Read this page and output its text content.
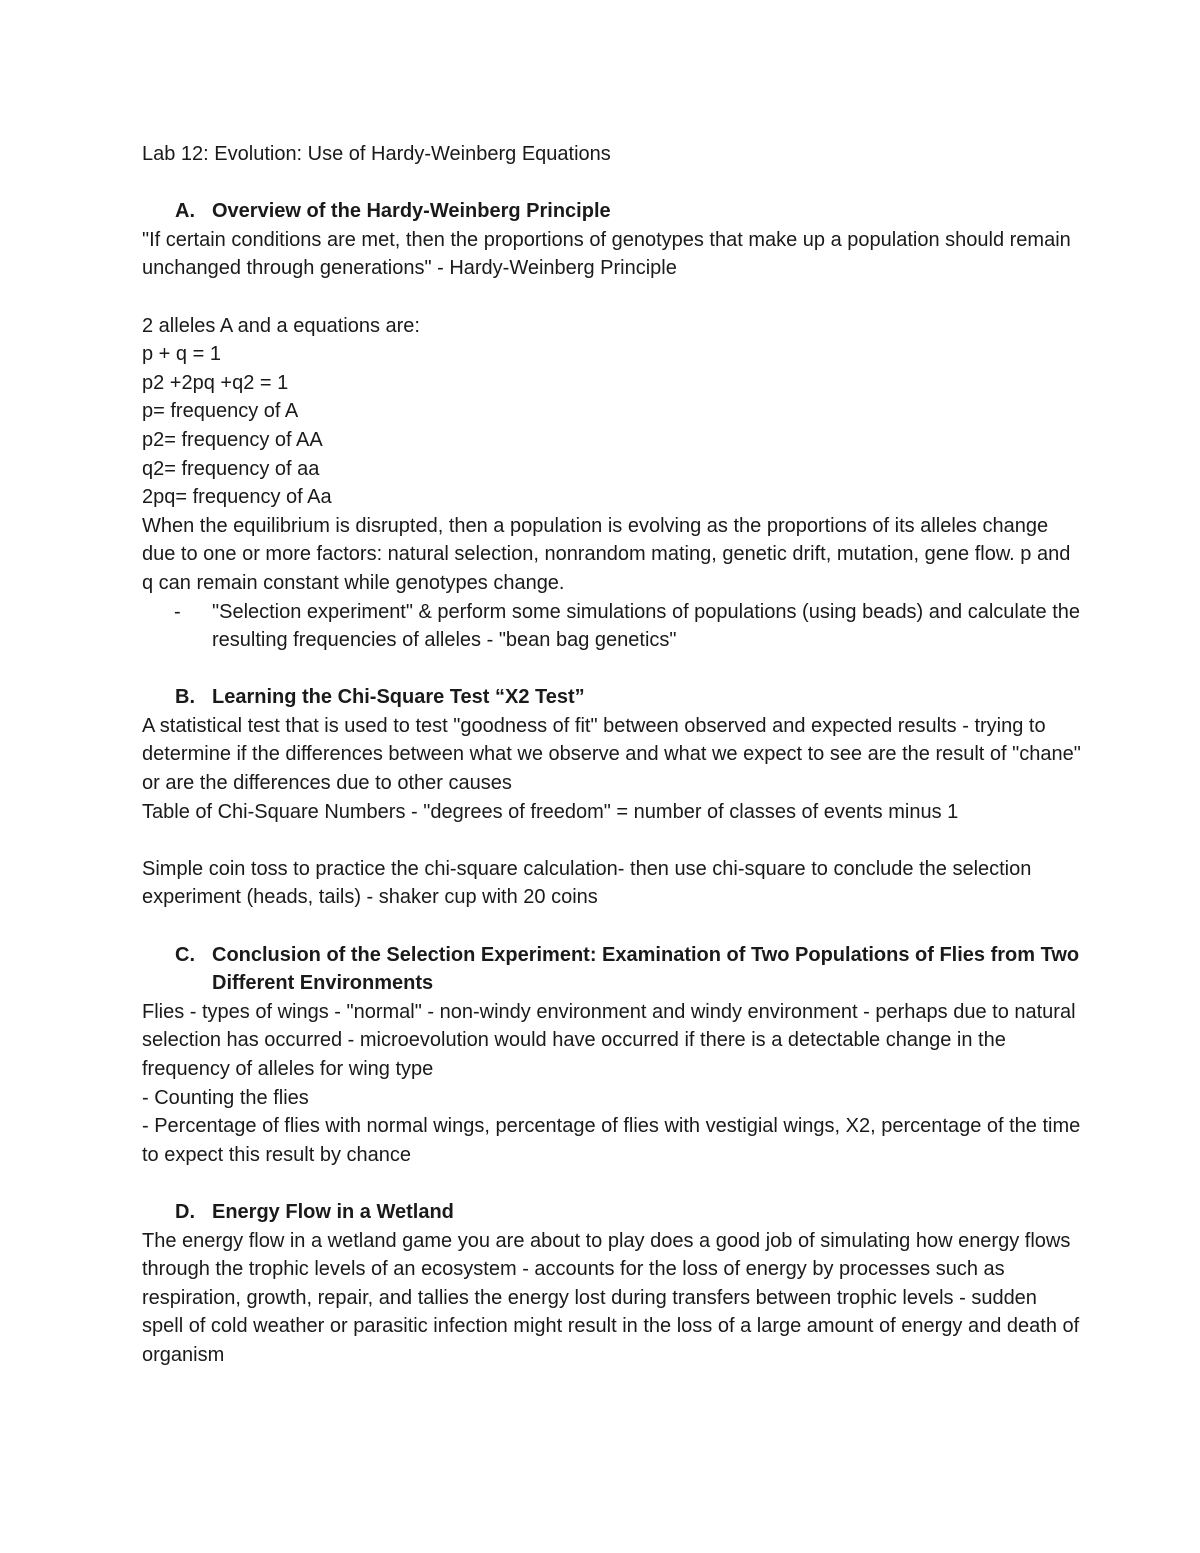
Lab 12: Evolution: Use of Hardy-Weinberg Equations

A. Overview of the Hardy-Weinberg Principle

"If certain conditions are met, then the proportions of genotypes that make up a population should remain unchanged through generations" - Hardy-Weinberg Principle

2 alleles A and a equations are:

p + q = 1

p2 +2pq +q2 = 1

p= frequency of A

p2= frequency of AA

q2= frequency of aa

2pq= frequency of Aa

When the equilibrium is disrupted, then a population is evolving as the proportions of its alleles change due to one or more factors: natural selection, nonrandom mating, genetic drift, mutation, gene flow. p and q can remain constant while genotypes change.

- "Selection experiment" & perform some simulations of populations (using beads) and calculate the resulting frequencies of alleles - "bean bag genetics"

B. Learning the Chi-Square Test “X2 Test”

A statistical test that is used to test "goodness of fit" between observed and expected results - trying to determine if the differences between what we observe and what we expect to see are the result of "chane" or are the differences due to other causes

Table of Chi-Square Numbers - "degrees of freedom" = number of classes of events minus 1

Simple coin toss to practice the chi-square calculation- then use chi-square to conclude the selection experiment (heads, tails) - shaker cup with 20 coins

C. Conclusion of the Selection Experiment: Examination of Two Populations of Flies from Two Different Environments

Flies - types of wings - "normal" - non-windy environment and windy environment - perhaps due to natural selection has occurred - microevolution would have occurred if there is a detectable change in the frequency of alleles for wing type

- Counting the flies

- Percentage of flies with normal wings, percentage of flies with vestigial wings, X2, percentage of the time to expect this result by chance

D. Energy Flow in a Wetland

The energy flow in a wetland game you are about to play does a good job of simulating how energy flows through the trophic levels of an ecosystem - accounts for the loss of energy by processes such as respiration, growth, repair, and tallies the energy lost during transfers between trophic levels - sudden spell of cold weather or parasitic infection might result in the loss of a large amount of energy and death of organism
